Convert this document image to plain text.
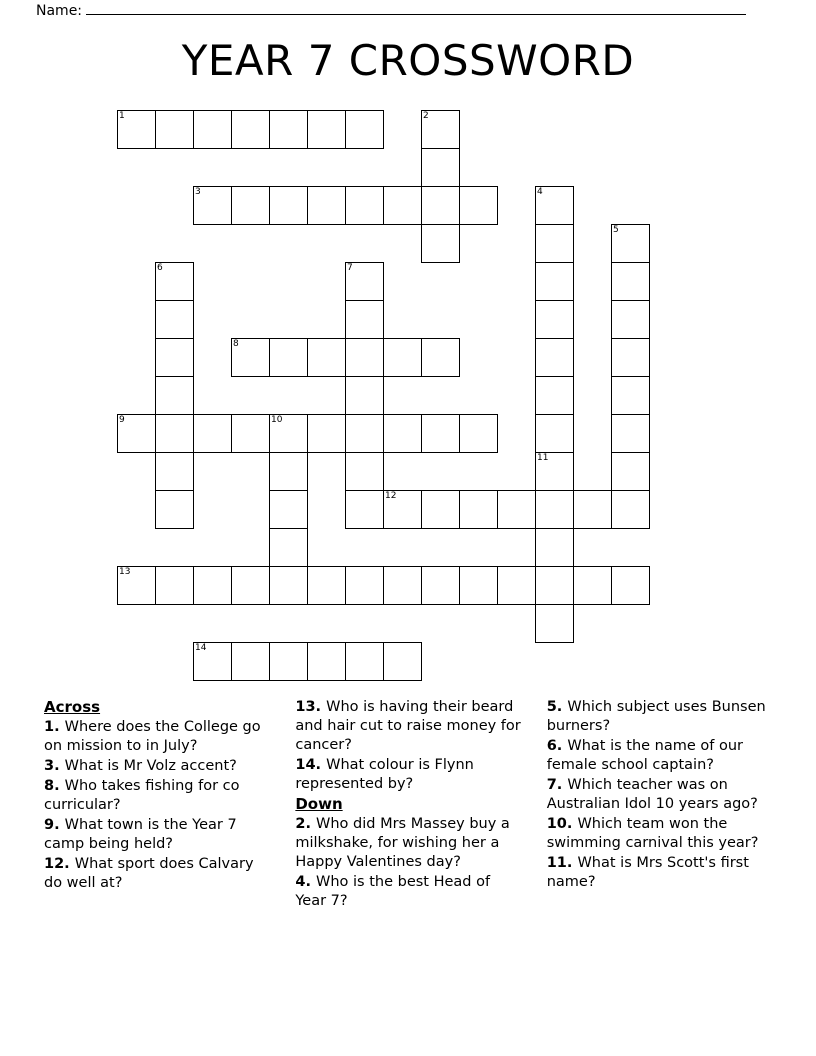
Name:
YEAR 7 CROSSWORD
1	2
3	4
5
6	7
8
9	10
11
12
13
14
Across
1. Where does the College go on mission to in July?
3. What is Mr Volz accent?
8. Who takes fishing for co curricular?
9. What town is the Year 7 camp being held?
12. What sport does Calvary do well at?
13. Who is having their beard and hair cut to raise money for cancer?
14. What colour is Flynn represented by?
Down
2. Who did Mrs Massey buy a milkshake, for wishing her a Happy Valentines day?
4. Who is the best Head of Year 7?
5. Which subject uses Bunsen burners?
6. What is the name of our female school captain?
7. Which teacher was on Australian Idol 10 years ago?
10. Which team won the swimming carnival this year?
11. What is Mrs Scott's first name?
